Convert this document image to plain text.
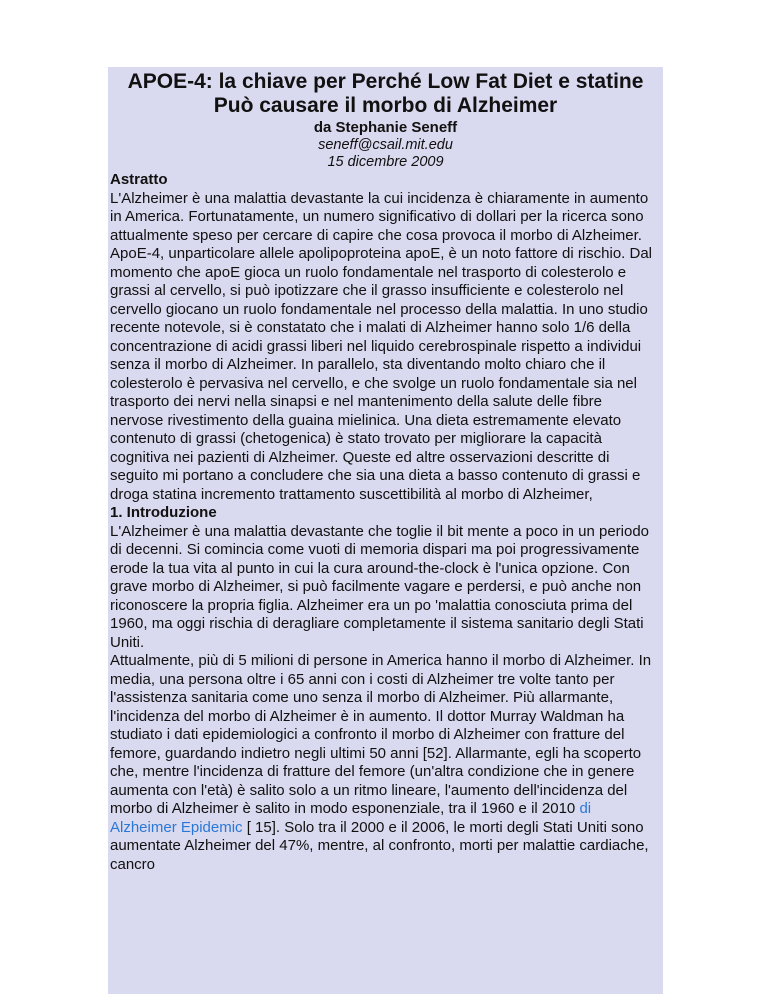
APOE-4: la chiave per Perché Low Fat Diet e statine
Può causare il morbo di Alzheimer
da Stephanie Seneff
seneff@csail.mit.edu
15 dicembre 2009
Astratto

L'Alzheimer è una malattia devastante la cui incidenza è chiaramente in aumento in America. Fortunatamente, un numero significativo di dollari per la ricerca sono attualmente speso per cercare di capire che cosa provoca il morbo di Alzheimer. ApoE-4, unparticolare allele apolipoproteina apoE, è un noto fattore di rischio. Dal momento che apoE gioca un ruolo fondamentale nel trasporto di colesterolo e grassi al cervello, si può ipotizzare che il grasso insufficiente e colesterolo nel cervello giocano un ruolo fondamentale nel processo della malattia. In uno studio recente notevole, si è constatato che i malati di Alzheimer hanno solo 1/6 della concentrazione di acidi grassi liberi nel liquido cerebrospinale rispetto a individui senza il morbo di Alzheimer. In parallelo, sta diventando molto chiaro che il colesterolo è pervasiva nel cervello, e che svolge un ruolo fondamentale sia nel trasporto dei nervi nella sinapsi e nel mantenimento della salute delle fibre nervose rivestimento della guaina mielinica. Una dieta estremamente elevato contenuto di grassi (chetogenica) è stato trovato per migliorare la capacità cognitiva nei pazienti di Alzheimer. Queste ed altre osservazioni descritte di seguito mi portano a concludere che sia una dieta a basso contenuto di grassi e droga statina incremento trattamento suscettibilità al morbo di Alzheimer,

1. Introduzione

L'Alzheimer è una malattia devastante che toglie il bit mente a poco in un periodo di decenni. Si comincia come vuoti di memoria dispari ma poi progressivamente erode la tua vita al punto in cui la cura around-the-clock è l'unica opzione. Con grave morbo di Alzheimer, si può facilmente vagare e perdersi, e può anche non riconoscere la propria figlia. Alzheimer era un po 'malattia conosciuta prima del 1960, ma oggi rischia di deragliare completamente il sistema sanitario degli Stati Uniti.

Attualmente, più di 5 milioni di persone in America hanno il morbo di Alzheimer. In media, una persona oltre i 65 anni con i costi di Alzheimer tre volte tanto per l'assistenza sanitaria come uno senza il morbo di Alzheimer. Più allarmante, l'incidenza del morbo di Alzheimer è in aumento. Il dottor Murray Waldman ha studiato i dati epidemiologici a confronto il morbo di Alzheimer con fratture del femore, guardando indietro negli ultimi 50 anni [52]. Allarmante, egli ha scoperto che, mentre l'incidenza di fratture del femore (un'altra condizione che in genere aumenta con l'età) è salito solo a un ritmo lineare, l'aumento dell'incidenza del morbo di Alzheimer è salito in modo esponenziale, tra il 1960 e il 2010 di Alzheimer Epidemic [ 15]. Solo tra il 2000 e il 2006, le morti degli Stati Uniti sono aumentate Alzheimer del 47%, mentre, al confronto, morti per malattie cardiache, cancro
